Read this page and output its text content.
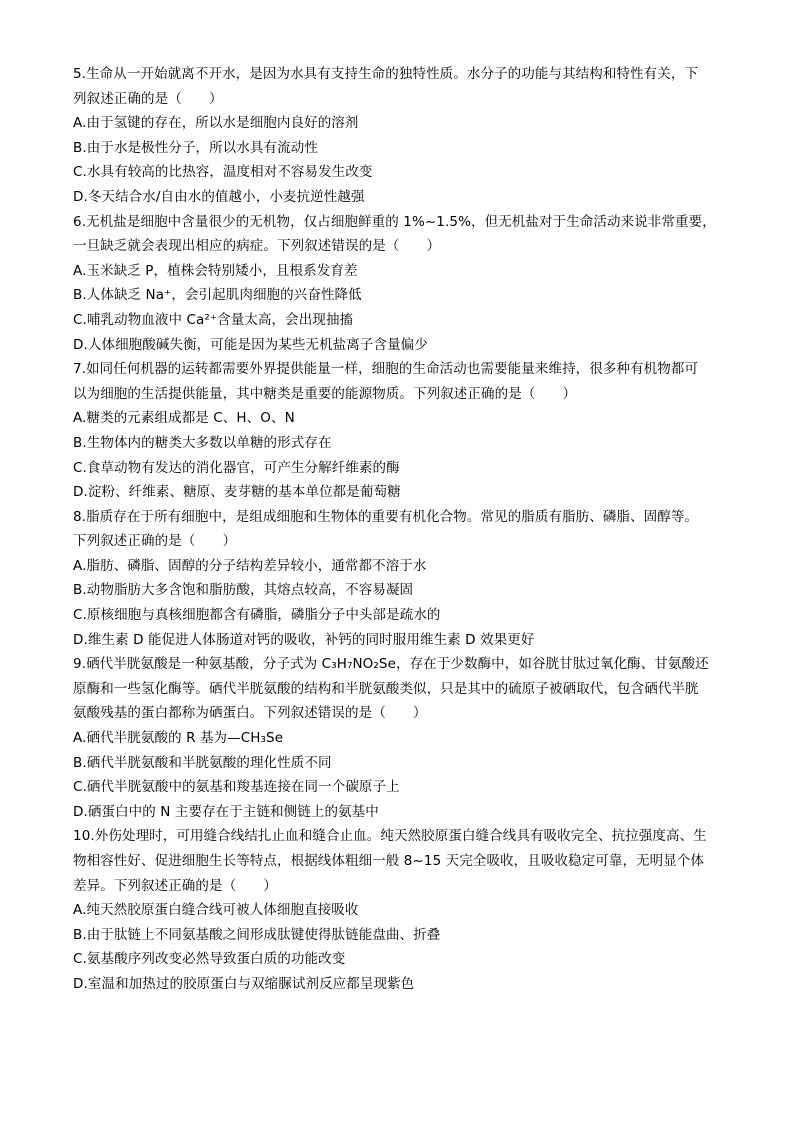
5.生命从一开始就离不开水，是因为水具有支持生命的独特性质。水分子的功能与其结构和特性有关，下
列叙述正确的是（　　）
A.由于氢键的存在，所以水是细胞内良好的溶剂
B.由于水是极性分子，所以水具有流动性
C.水具有较高的比热容，温度相对不容易发生改变
D.冬天结合水/自由水的值越小，小麦抗逆性越强
6.无机盐是细胞中含量很少的无机物，仅占细胞鲜重的 1%~1.5%，但无机盐对于生命活动来说非常重要，
一旦缺乏就会表现出相应的病症。下列叙述错误的是（　　）
A.玉米缺乏 P，植株会特别矮小，且根系发育差
B.人体缺乏 Na⁺，会引起肌肉细胞的兴奋性降低
C.哺乳动物血液中 Ca²⁺含量太高，会出现抽搐
D.人体细胞酸碱失衡，可能是因为某些无机盐离子含量偏少
7.如同任何机器的运转都需要外界提供能量一样，细胞的生命活动也需要能量来维持，很多种有机物都可
以为细胞的生活提供能量，其中糖类是重要的能源物质。下列叙述正确的是（　　）
A.糖类的元素组成都是 C、H、O、N
B.生物体内的糖类大多数以单糖的形式存在
C.食草动物有发达的消化器官，可产生分解纤维素的酶
D.淀粉、纤维素、糖原、麦芽糖的基本单位都是葡萄糖
8.脂质存在于所有细胞中，是组成细胞和生物体的重要有机化合物。常见的脂质有脂肪、磷脂、固醇等。
下列叙述正确的是（　　）
A.脂肪、磷脂、固醇的分子结构差异较小，通常都不溶于水
B.动物脂肪大多含饱和脂肪酸，其熔点较高，不容易凝固
C.原核细胞与真核细胞都含有磷脂，磷脂分子中头部是疏水的
D.维生素 D 能促进人体肠道对钙的吸收，补钙的同时服用维生素 D 效果更好
9.硒代半胱氨酸是一种氨基酸，分子式为 C₃H₇NO₂Se，存在于少数酶中，如谷胱甘肽过氧化酶、甘氨酸还
原酶和一些氢化酶等。硒代半胱氨酸的结构和半胱氨酸类似，只是其中的硫原子被硒取代，包含硒代半胱
氨酸残基的蛋白都称为硒蛋白。下列叙述错误的是（　　）
A.硒代半胱氨酸的 R 基为—CH₃Se
B.硒代半胱氨酸和半胱氨酸的理化性质不同
C.硒代半胱氨酸中的氨基和羧基连接在同一个碳原子上
D.硒蛋白中的 N 主要存在于主链和侧链上的氨基中
10.外伤处理时，可用缝合线结扎止血和缝合止血。纯天然胶原蛋白缝合线具有吸收完全、抗拉强度高、生
物相容性好、促进细胞生长等特点，根据线体粗细一般 8~15 天完全吸收，且吸收稳定可靠，无明显个体
差异。下列叙述正确的是（　　）
A.纯天然胶原蛋白缝合线可被人体细胞直接吸收
B.由于肽链上不同氨基酸之间形成肽键使得肽链能盘曲、折叠
C.氨基酸序列改变必然导致蛋白质的功能改变
D.室温和加热过的胶原蛋白与双缩脲试剂反应都呈现紫色
